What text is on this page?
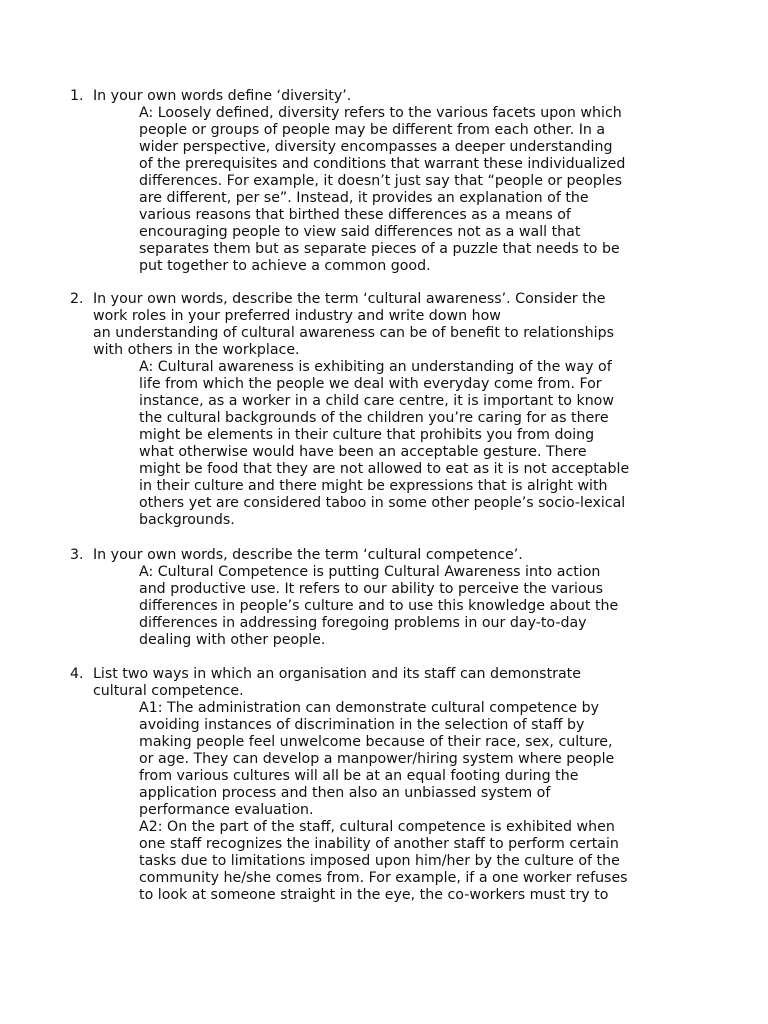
1. In your own words define ‘diversity’.
A: Loosely defined, diversity refers to the various facets upon which
people or groups of people may be different from each other. In a
wider perspective, diversity encompasses a deeper understanding
of the prerequisites and conditions that warrant these individualized
differences. For example, it doesn’t just say that “people or peoples
are different, per se”. Instead, it provides an explanation of the
various reasons that birthed these differences as a means of
encouraging people to view said differences not as a wall that
separates them but as separate pieces of a puzzle that needs to be
put together to achieve a common good.
2. In your own words, describe the term ‘cultural awareness’. Consider the
work roles in your preferred industry and write down how
an understanding of cultural awareness can be of benefit to relationships
with others in the workplace.
A: Cultural awareness is exhibiting an understanding of the way of
life from which the people we deal with everyday come from. For
instance, as a worker in a child care centre, it is important to know
the cultural backgrounds of the children you’re caring for as there
might be elements in their culture that prohibits you from doing
what otherwise would have been an acceptable gesture. There
might be food that they are not allowed to eat as it is not acceptable
in their culture and there might be expressions that is alright with
others yet are considered taboo in some other people’s socio-lexical
backgrounds.
3. In your own words, describe the term ‘cultural competence’.
A: Cultural Competence is putting Cultural Awareness into action
and productive use. It refers to our ability to perceive the various
differences in people’s culture and to use this knowledge about the
differences in addressing foregoing problems in our day-to-day
dealing with other people.
4. List two ways in which an organisation and its staff can demonstrate
cultural competence.
A1: The administration can demonstrate cultural competence by
avoiding instances of discrimination in the selection of staff by
making people feel unwelcome because of their race, sex, culture,
or age. They can develop a manpower/hiring system where people
from various cultures will all be at an equal footing during the
application process and then also an unbiassed system of
performance evaluation.
A2: On the part of the staff, cultural competence is exhibited when
one staff recognizes the inability of another staff to perform certain
tasks due to limitations imposed upon him/her by the culture of the
community he/she comes from. For example, if a one worker refuses
to look at someone straight in the eye, the co-workers must try to
